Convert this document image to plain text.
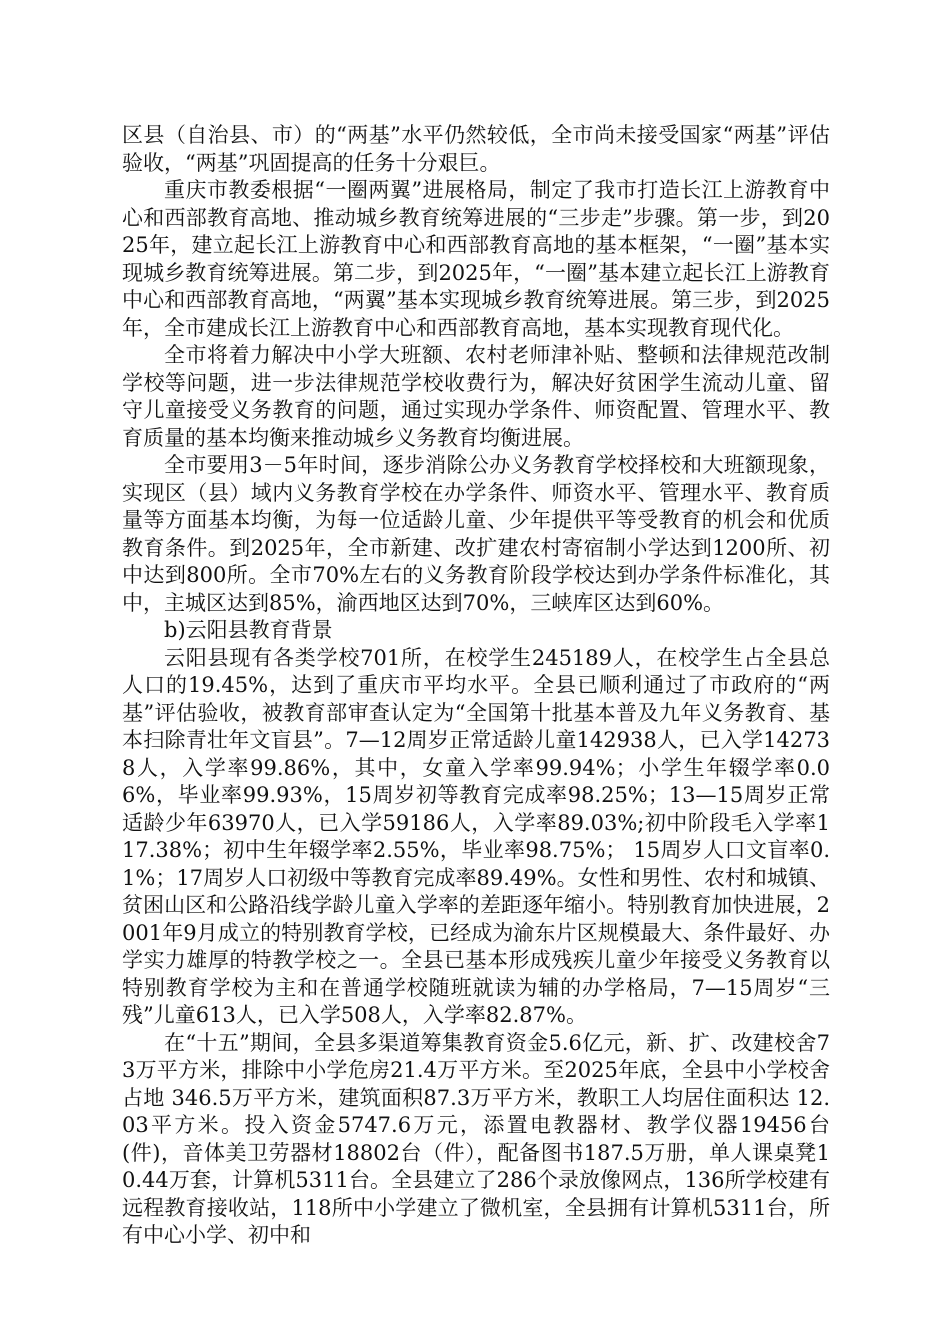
区县（自治县、市）的“两基”水平仍然较低，全市尚未接受国家“两基”评估验收，“两基”巩固提高的任务十分艰巨。

重庆市教委根据“一圈两翼”进展格局，制定了我市打造长江上游教育中心和西部教育高地、推动城乡教育统筹进展的“三步走”步骤。第一步，到2025年，建立起长江上游教育中心和西部教育高地的基本框架，“一圈”基本实现城乡教育统筹进展。第二步，到2025年，“一圈”基本建立起长江上游教育中心和西部教育高地，“两翼”基本实现城乡教育统筹进展。第三步，到2025年，全市建成长江上游教育中心和西部教育高地，基本实现教育现代化。

全市将着力解决中小学大班额、农村老师津补贴、整顿和法律规范改制学校等问题，进一步法律规范学校收费行为，解决好贫困学生流动儿童、留守儿童接受义务教育的问题，通过实现办学条件、师资配置、管理水平、教育质量的基本均衡来推动城乡义务教育均衡进展。

全市要用3－5年时间，逐步消除公办义务教育学校择校和大班额现象，实现区（县）域内义务教育学校在办学条件、师资水平、管理水平、教育质量等方面基本均衡，为每一位适龄儿童、少年提供平等受教育的机会和优质教育条件。到2025年，全市新建、改扩建农村寄宿制小学达到1200所、初中达到800所。全市70%左右的义务教育阶段学校达到办学条件标准化，其中，主城区达到85%，渝西地区达到70%，三峡库区达到60%。

b)云阳县教育背景

云阳县现有各类学校701所，在校学生245189人，在校学生占全县总人口的19.45%，达到了重庆市平均水平。全县已顺利通过了市政府的“两基”评估验收，被教育部审查认定为“全国第十批基本普及九年义务教育、基本扫除青壮年文盲县”。7—12周岁正常适龄儿童142938人，已入学142738人，入学率99.86%，其中，女童入学率99.94%；小学生年辍学率0.06%，毕业率99.93%，15周岁初等教育完成率98.25%；13—15周岁正常适龄少年63970人，已入学59186人，入学率89.03%;初中阶段毛入学率117.38%；初中生年辍学率2.55%，毕业率98.75%； 15周岁人口文盲率0.1%；17周岁人口初级中等教育完成率89.49%。女性和男性、农村和城镇、贫困山区和公路沿线学龄儿童入学率的差距逐年缩小。特别教育加快进展，2001年9月成立的特别教育学校，已经成为渝东片区规模最大、条件最好、办学实力雄厚的特教学校之一。全县已基本形成残疾儿童少年接受义务教育以特别教育学校为主和在普通学校随班就读为辅的办学格局，7—15周岁“三残”儿童613人，已入学508人，入学率82.87%。

在“十五”期间，全县多渠道筹集教育资金5.6亿元，新、扩、改建校舍73万平方米，排除中小学危房21.4万平方米。至2025年底，全县中小学校舍占地 346.5万平方米，建筑面积87.3万平方米，教职工人均居住面积达 12.03平方米。投入资金5747.6万元，添置电教器材、教学仪器19456台(件)，音体美卫劳器材18802台（件），配备图书187.5万册，单人课桌凳10.44万套，计算机5311台。全县建立了286个录放像网点，136所学校建有远程教育接收站，118所中小学建立了微机室，全县拥有计算机5311台，所有中心小学、初中和
